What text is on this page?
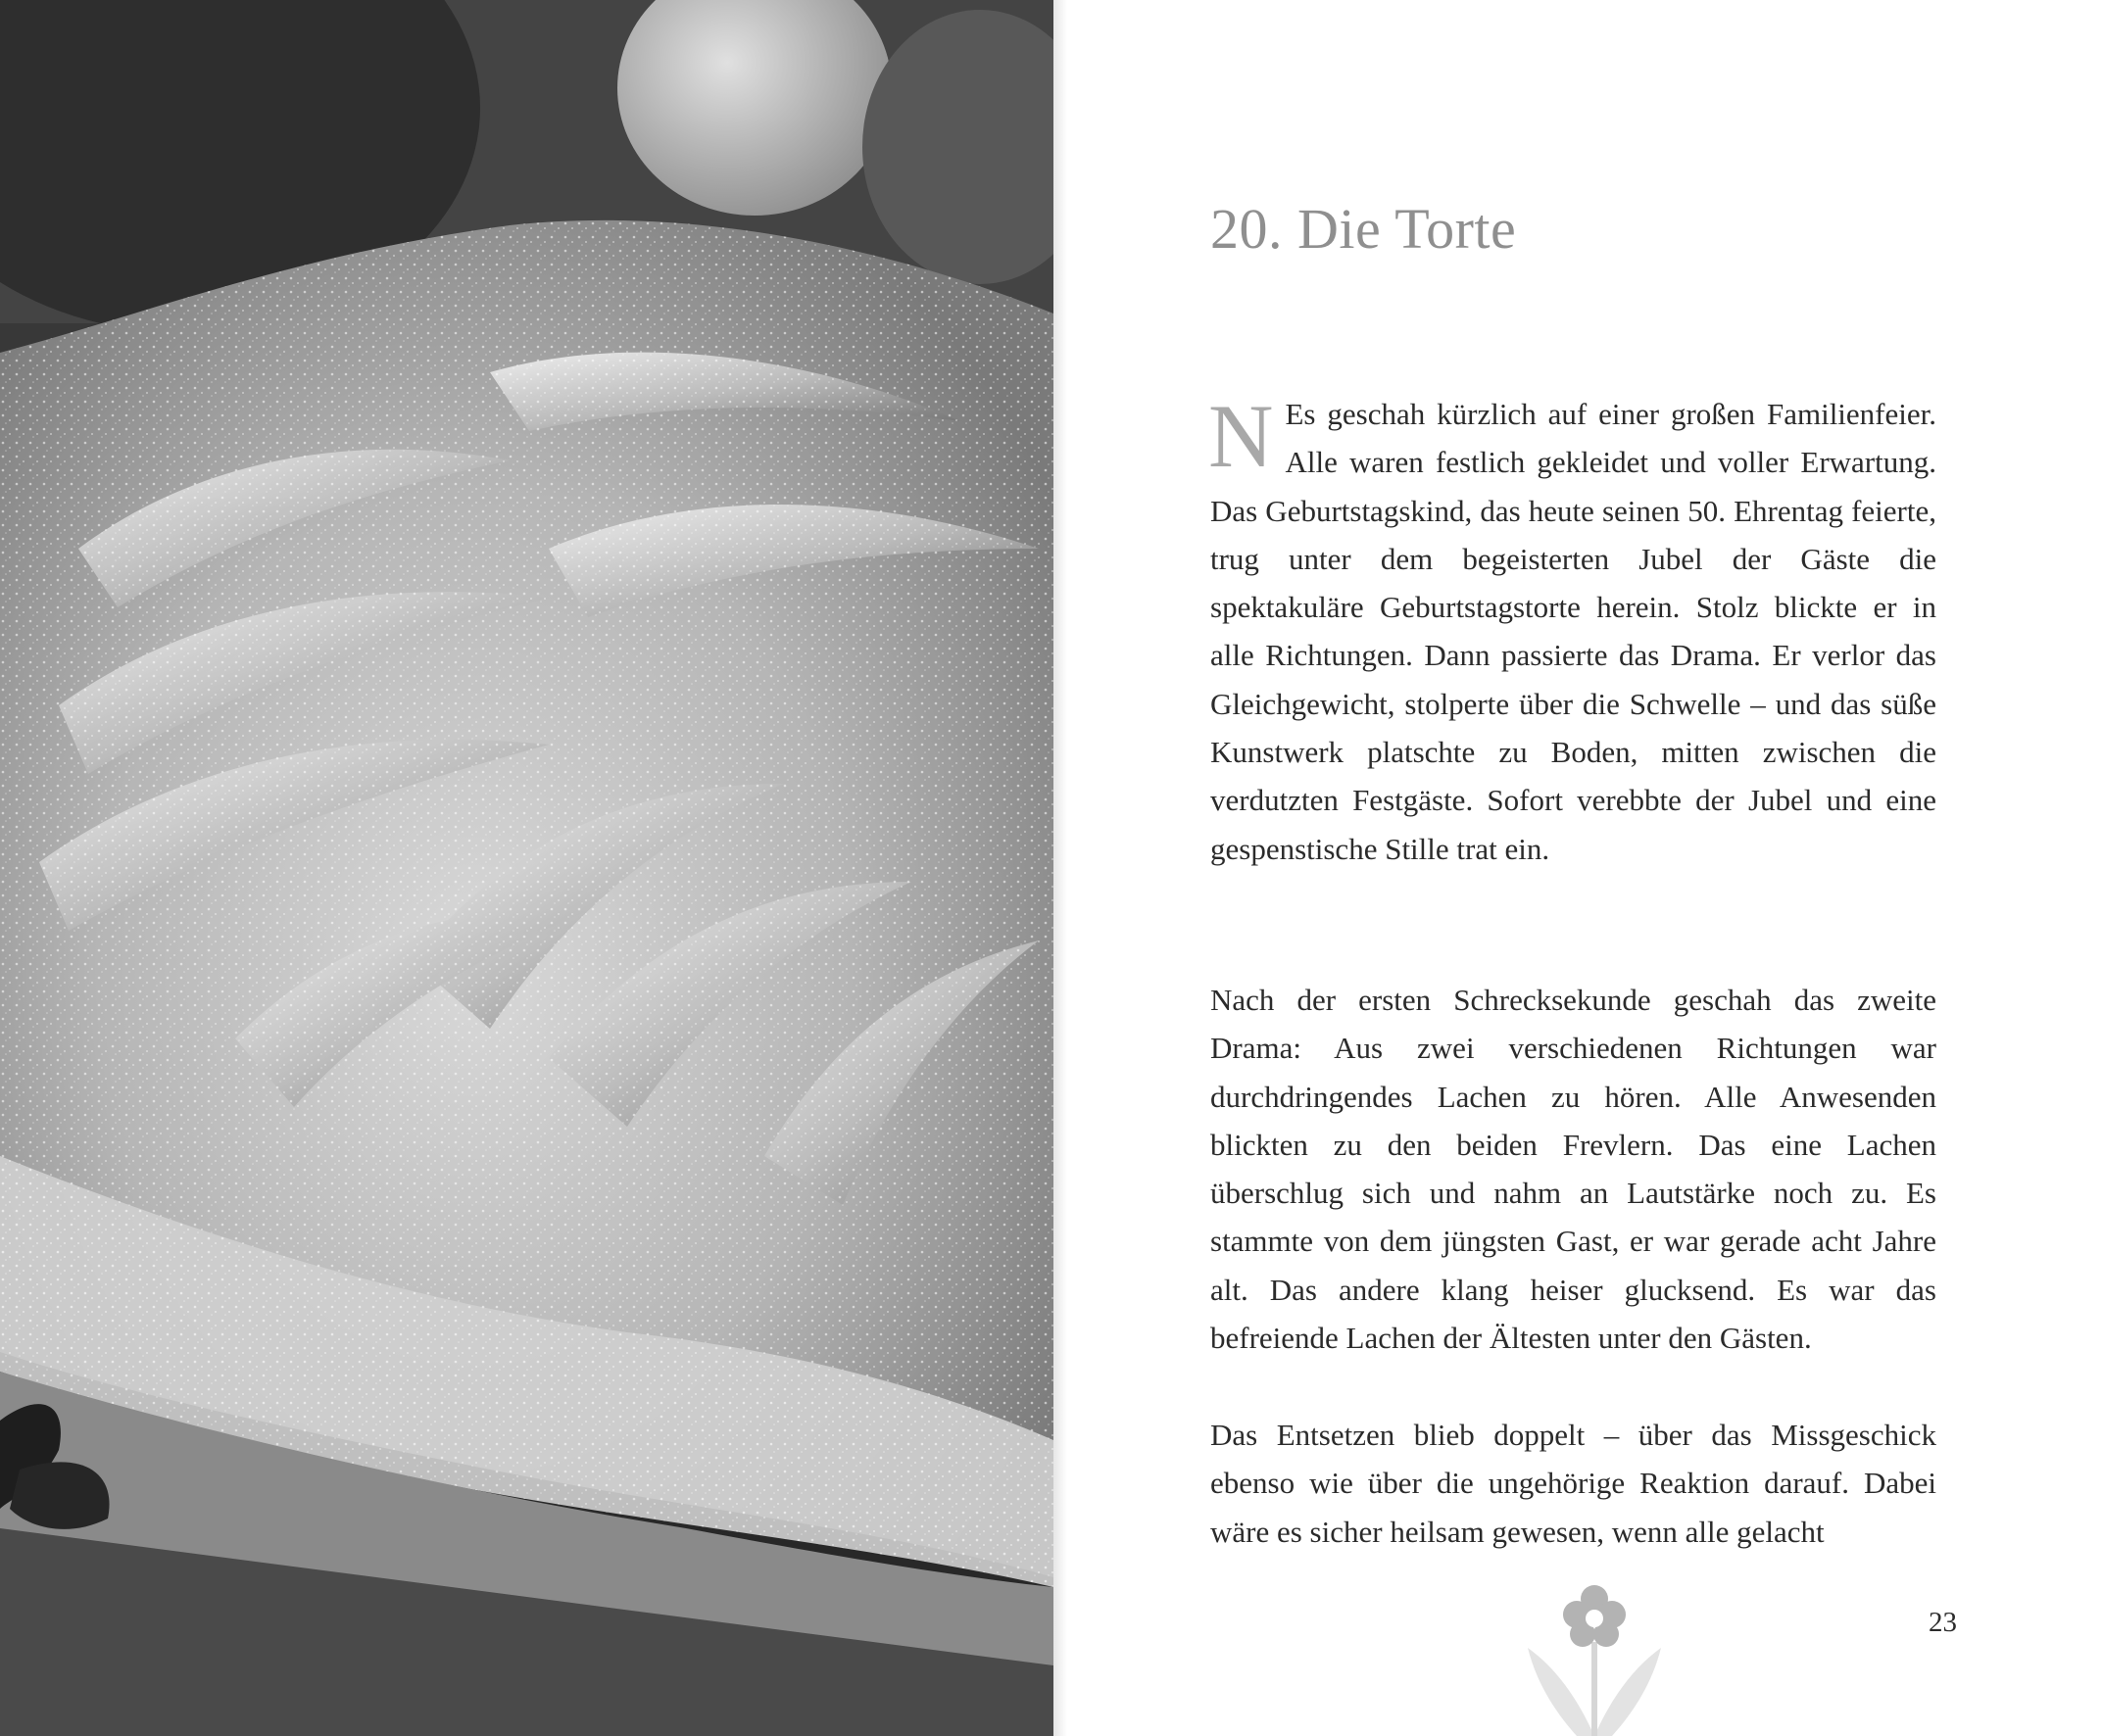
20. Die Torte

N Es geschah kürzlich auf einer großen Familienfeier. Alle waren festlich gekleidet und voller Erwartung. Das Geburtstagskind, das heute seinen 50. Ehrentag feierte, trug unter dem begeisterten Jubel der Gäste die spektakuläre Geburtstagstorte herein. Stolz blickte er in alle Richtungen. Dann passierte das Drama. Er verlor das Gleichgewicht, stolperte über die Schwelle – und das süße Kunstwerk platschte zu Boden, mitten zwischen die verdutzten Festgäste. Sofort verebbte der Jubel und eine gespenstische Stille trat ein.

Nach der ersten Schrecksekunde geschah das zweite Drama: Aus zwei verschiedenen Richtungen war durchdringendes Lachen zu hören. Alle Anwesenden blickten zu den beiden Frevlern. Das eine Lachen überschlug sich und nahm an Lautstärke noch zu. Es stammte von dem jüngsten Gast, er war gerade acht Jahre alt. Das andere klang heiser glucksend. Es war das befreiende Lachen der Ältesten unter den Gästen.

Das Entsetzen blieb doppelt – über das Missgeschick ebenso wie über die ungehörige Reaktion darauf. Dabei wäre es sicher heilsam gewesen, wenn alle gelacht

23
